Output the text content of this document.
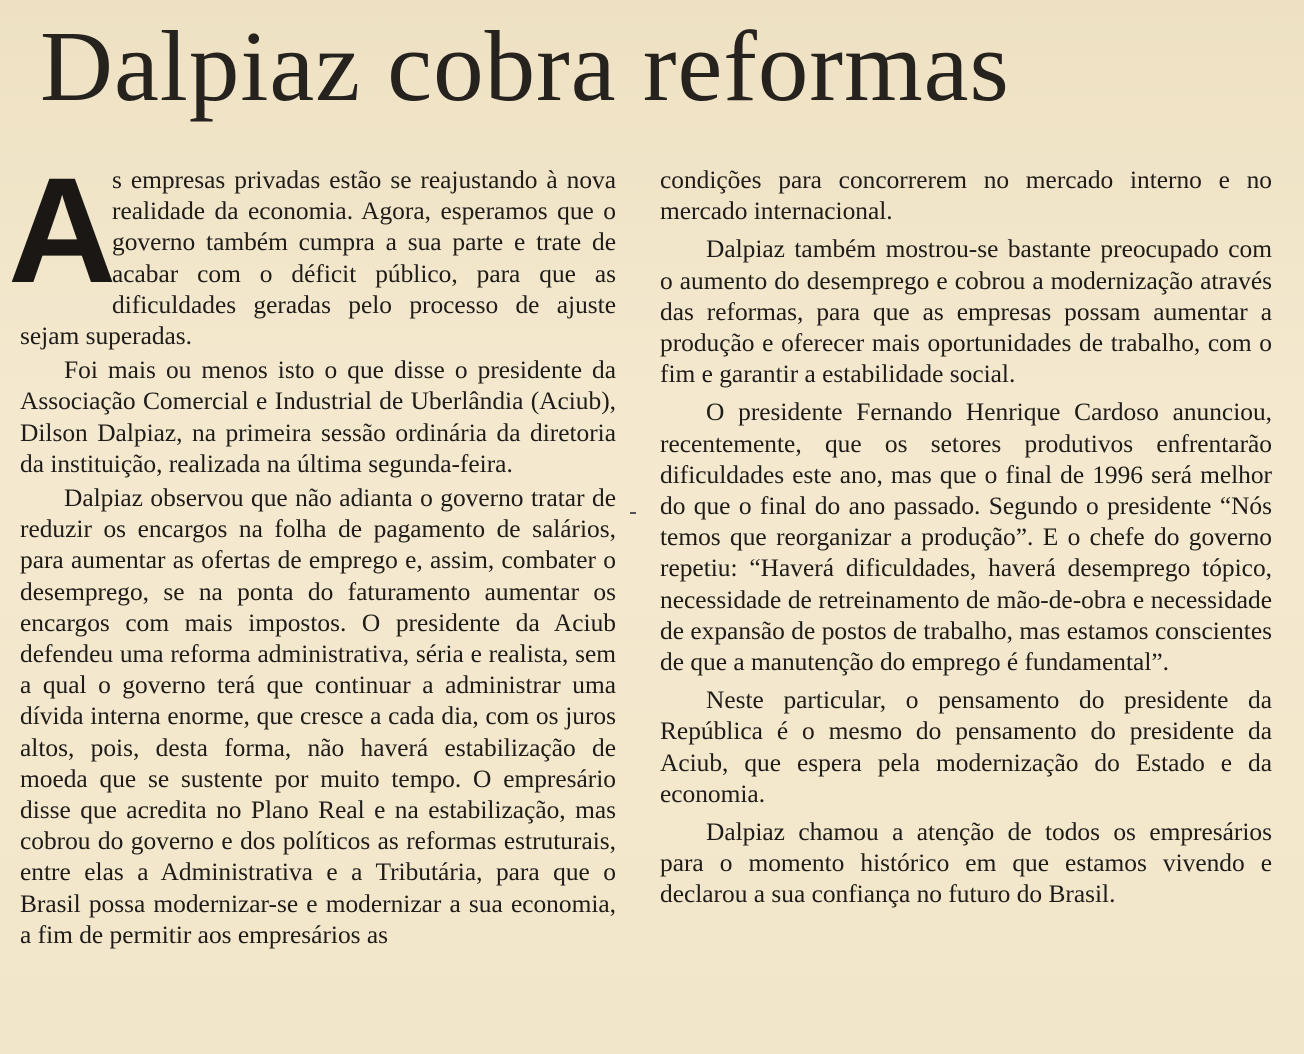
Dalpiaz cobra reformas

A
s empresas privadas estão se reajustando à nova realidade da economia. Agora, esperamos que o governo também cumpra a sua parte e trate de acabar com o déficit público, para que as dificuldades geradas pelo processo de ajuste sejam superadas.

Foi mais ou menos isto o que disse o presidente da Associação Comercial e Industrial de Uberlândia (Aciub), Dilson Dalpiaz, na primeira sessão ordinária da diretoria da instituição, realizada na última segunda-feira.

Dalpiaz observou que não adianta o governo tratar de reduzir os encargos na folha de pagamento de salários, para aumentar as ofertas de emprego e, assim, combater o desemprego, se na ponta do faturamento aumentar os encargos com mais impostos. O presidente da Aciub defendeu uma reforma administrativa, séria e realista, sem a qual o governo terá que continuar a administrar uma dívida interna enorme, que cresce a cada dia, com os juros altos, pois, desta forma, não haverá estabilização de moeda que se sustente por muito tempo. O empresário disse que acredita no Plano Real e na estabilização, mas cobrou do governo e dos políticos as reformas estruturais, entre elas a Administrativa e a Tributária, para que o Brasil possa modernizar-se e modernizar a sua economia, a fim de permitir aos empresários as

condições para concorrerem no mercado interno e no mercado internacional.

Dalpiaz também mostrou-se bastante preocupado com o aumento do desemprego e cobrou a modernização através das reformas, para que as empresas possam aumentar a produção e oferecer mais oportunidades de trabalho, com o fim e garantir a estabilidade social.

O presidente Fernando Henrique Cardoso anunciou, recentemente, que os setores produtivos enfrentarão dificuldades este ano, mas que o final de 1996 será melhor do que o final do ano passado. Segundo o presidente “Nós temos que reorganizar a produção”. E o chefe do governo repetiu: “Haverá dificuldades, haverá desemprego tópico, necessidade de retreinamento de mão-de-obra e necessidade de expansão de postos de trabalho, mas estamos conscientes de que a manutenção do emprego é fundamental”.

Neste particular, o pensamento do presidente da República é o mesmo do pensamento do presidente da Aciub, que espera pela modernização do Estado e da economia.

Dalpiaz chamou a atenção de todos os empresários para o momento histórico em que estamos vivendo e declarou a sua confiança no futuro do Brasil.
